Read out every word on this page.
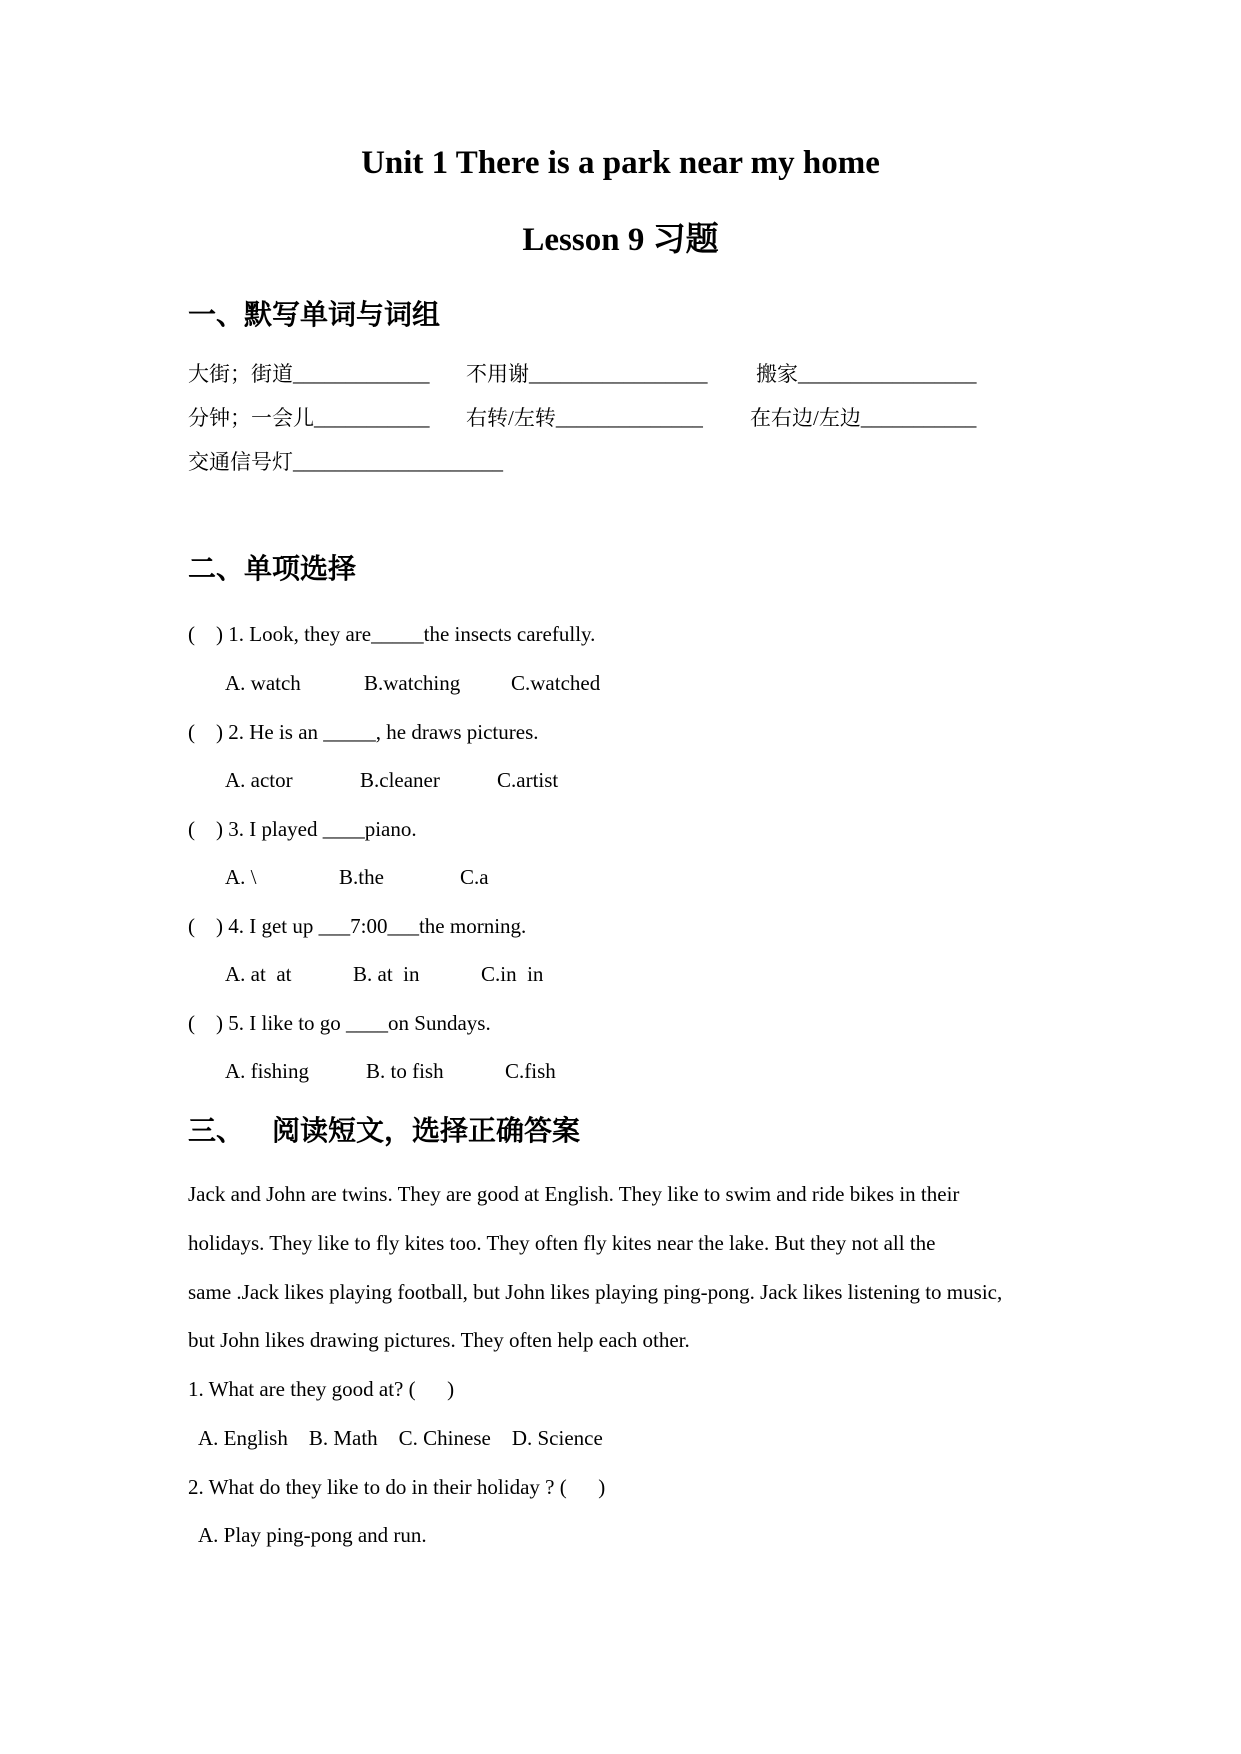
Unit 1 There is a park near my home
Lesson 9 习题
一、默写单词与词组
大街；街道_____________ 不用谢_________________ 搬家_________________
分钟；一会儿___________ 右转/左转______________ 在右边/左边___________
交通信号灯____________________
二、单项选择
(    ) 1. Look, they are_____the insects carefully.
A. watch	B.watching C.watched
(    ) 2. He is an _____, he draws pictures.
A. actor	B.cleaner	C.artist
(    ) 3. I played ____piano.
A. \	B.the	C.a
(    ) 4. I get up ___7:00___the morning.
A. at  at	B. at  in	C.in  in
(    ) 5. I like to go ____on Sundays.
A. fishing	B. to fish	C.fish
三、    阅读短文，选择正确答案
Jack and John are twins. They are good at English. They like to swim and ride bikes in their
holidays. They like to fly kites too. They often fly kites near the lake. But they not all the
same .Jack likes playing football, but John likes playing ping-pong. Jack likes listening to music,
but John likes drawing pictures. They often help each other.
1. What are they good at? (      )
A. English    B. Math    C. Chinese    D. Science
2. What do they like to do in their holiday ? (      )
A. Play ping-pong and run.
